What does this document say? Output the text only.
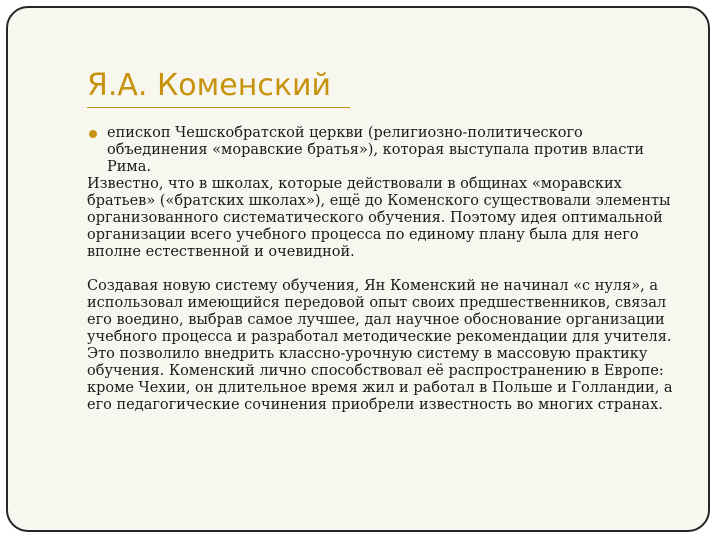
Я.А. Коменский
епископ Чешскобратской церкви (религиозно-политического объединения «моравские братья»), которая выступала против власти Рима.

Известно, что в школах, которые действовали в общинах «моравских братьев» («братских школах»), ещё до Коменского существовали элементы организованного систематического обучения. Поэтому идея оптимальной организации всего учебного процесса по единому плану была для него вполне естественной и очевидной.

Создавая новую систему обучения, Ян Коменский не начинал «с нуля», а использовал имеющийся передовой опыт своих предшественников, связал его воедино, выбрав самое лучшее, дал научное обоснование организации учебного процесса и разработал методические рекомендации для учителя. Это позволило внедрить классно-урочную систему в массовую практику обучения. Коменский лично способствовал её распространению в Европе: кроме Чехии, он длительное время жил и работал в Польше и Голландии, а его педагогические сочинения приобрели известность во многих странах.
